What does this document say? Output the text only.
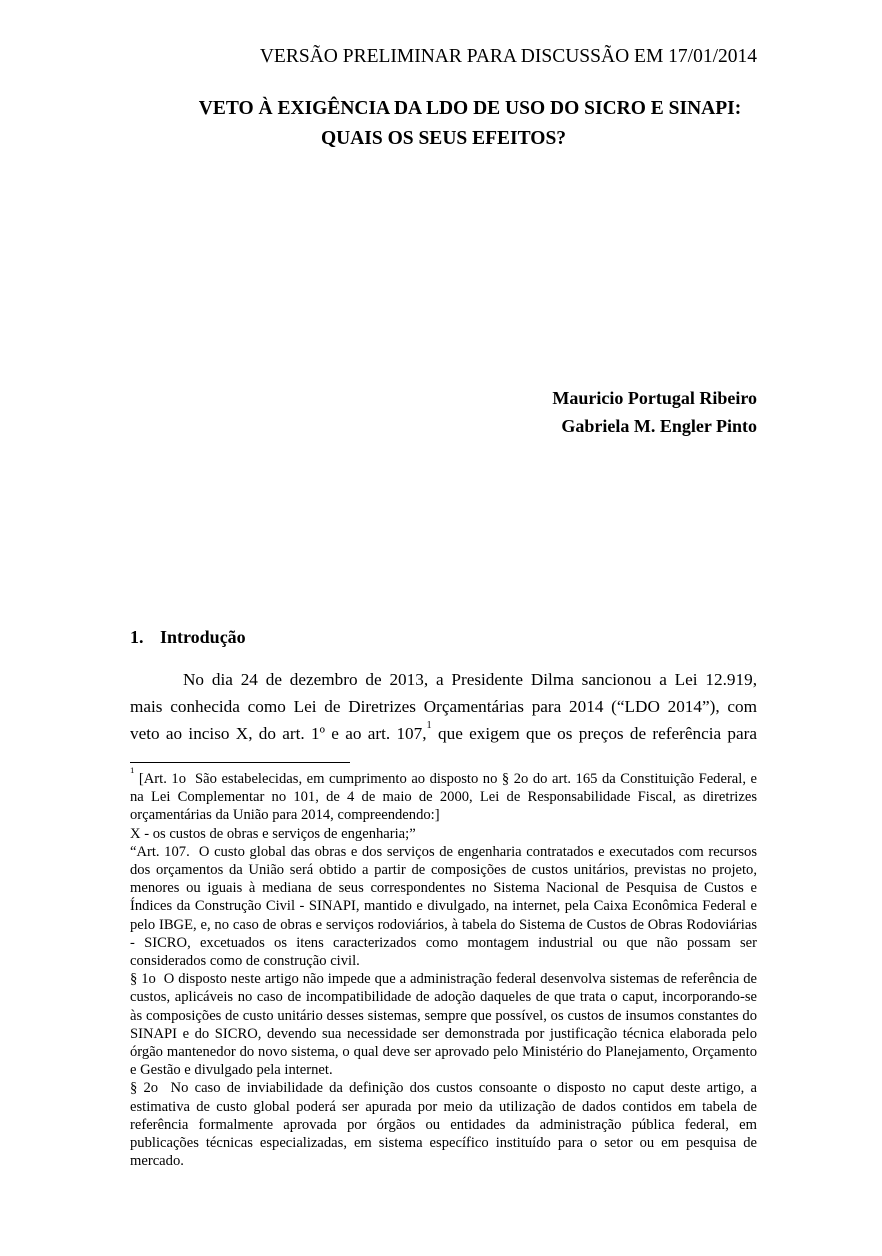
VERSÃO PRELIMINAR PARA DISCUSSÃO EM 17/01/2014
VETO À EXIGÊNCIA DA LDO DE USO DO SICRO E SINAPI:
QUAIS OS SEUS EFEITOS?
Mauricio Portugal Ribeiro
Gabriela M. Engler Pinto
1. Introdução
No dia 24 de dezembro de 2013, a Presidente Dilma sancionou a Lei 12.919,
mais conhecida como Lei de Diretrizes Orçamentárias para 2014 (“LDO 2014”), com
veto ao inciso X, do art. 1º e ao art. 107,$^1$ que exigem que os preços de referência para

$^1$ [Art. 1o  São estabelecidas, em cumprimento ao disposto no § 2o do art. 165 da Constituição Federal, e na Lei Complementar no 101, de 4 de maio de 2000, Lei de Responsabilidade Fiscal, as diretrizes orçamentárias da União para 2014, compreendendo:]

X - os custos de obras e serviços de engenharia;”

“Art. 107.  O custo global das obras e dos serviços de engenharia contratados e executados com recursos dos orçamentos da União será obtido a partir de composições de custos unitários, previstas no projeto, menores ou iguais à mediana de seus correspondentes no Sistema Nacional de Pesquisa de Custos e Índices da Construção Civil - SINAPI, mantido e divulgado, na internet, pela Caixa Econômica Federal e pelo IBGE, e, no caso de obras e serviços rodoviários, à tabela do Sistema de Custos de Obras Rodoviárias - SICRO, excetuados os itens caracterizados como montagem industrial ou que não possam ser considerados como de construção civil.

§ 1o  O disposto neste artigo não impede que a administração federal desenvolva sistemas de referência de custos, aplicáveis no caso de incompatibilidade de adoção daqueles de que trata o caput, incorporando-se às composições de custo unitário desses sistemas, sempre que possível, os custos de insumos constantes do SINAPI e do SICRO, devendo sua necessidade ser demonstrada por justificação técnica elaborada pelo órgão mantenedor do novo sistema, o qual deve ser aprovado pelo Ministério do Planejamento, Orçamento e Gestão e divulgado pela internet.

§ 2o  No caso de inviabilidade da definição dos custos consoante o disposto no caput deste artigo, a estimativa de custo global poderá ser apurada por meio da utilização de dados contidos em tabela de referência formalmente aprovada por órgãos ou entidades da administração pública federal, em publicações técnicas especializadas, em sistema específico instituído para o setor ou em pesquisa de mercado.
